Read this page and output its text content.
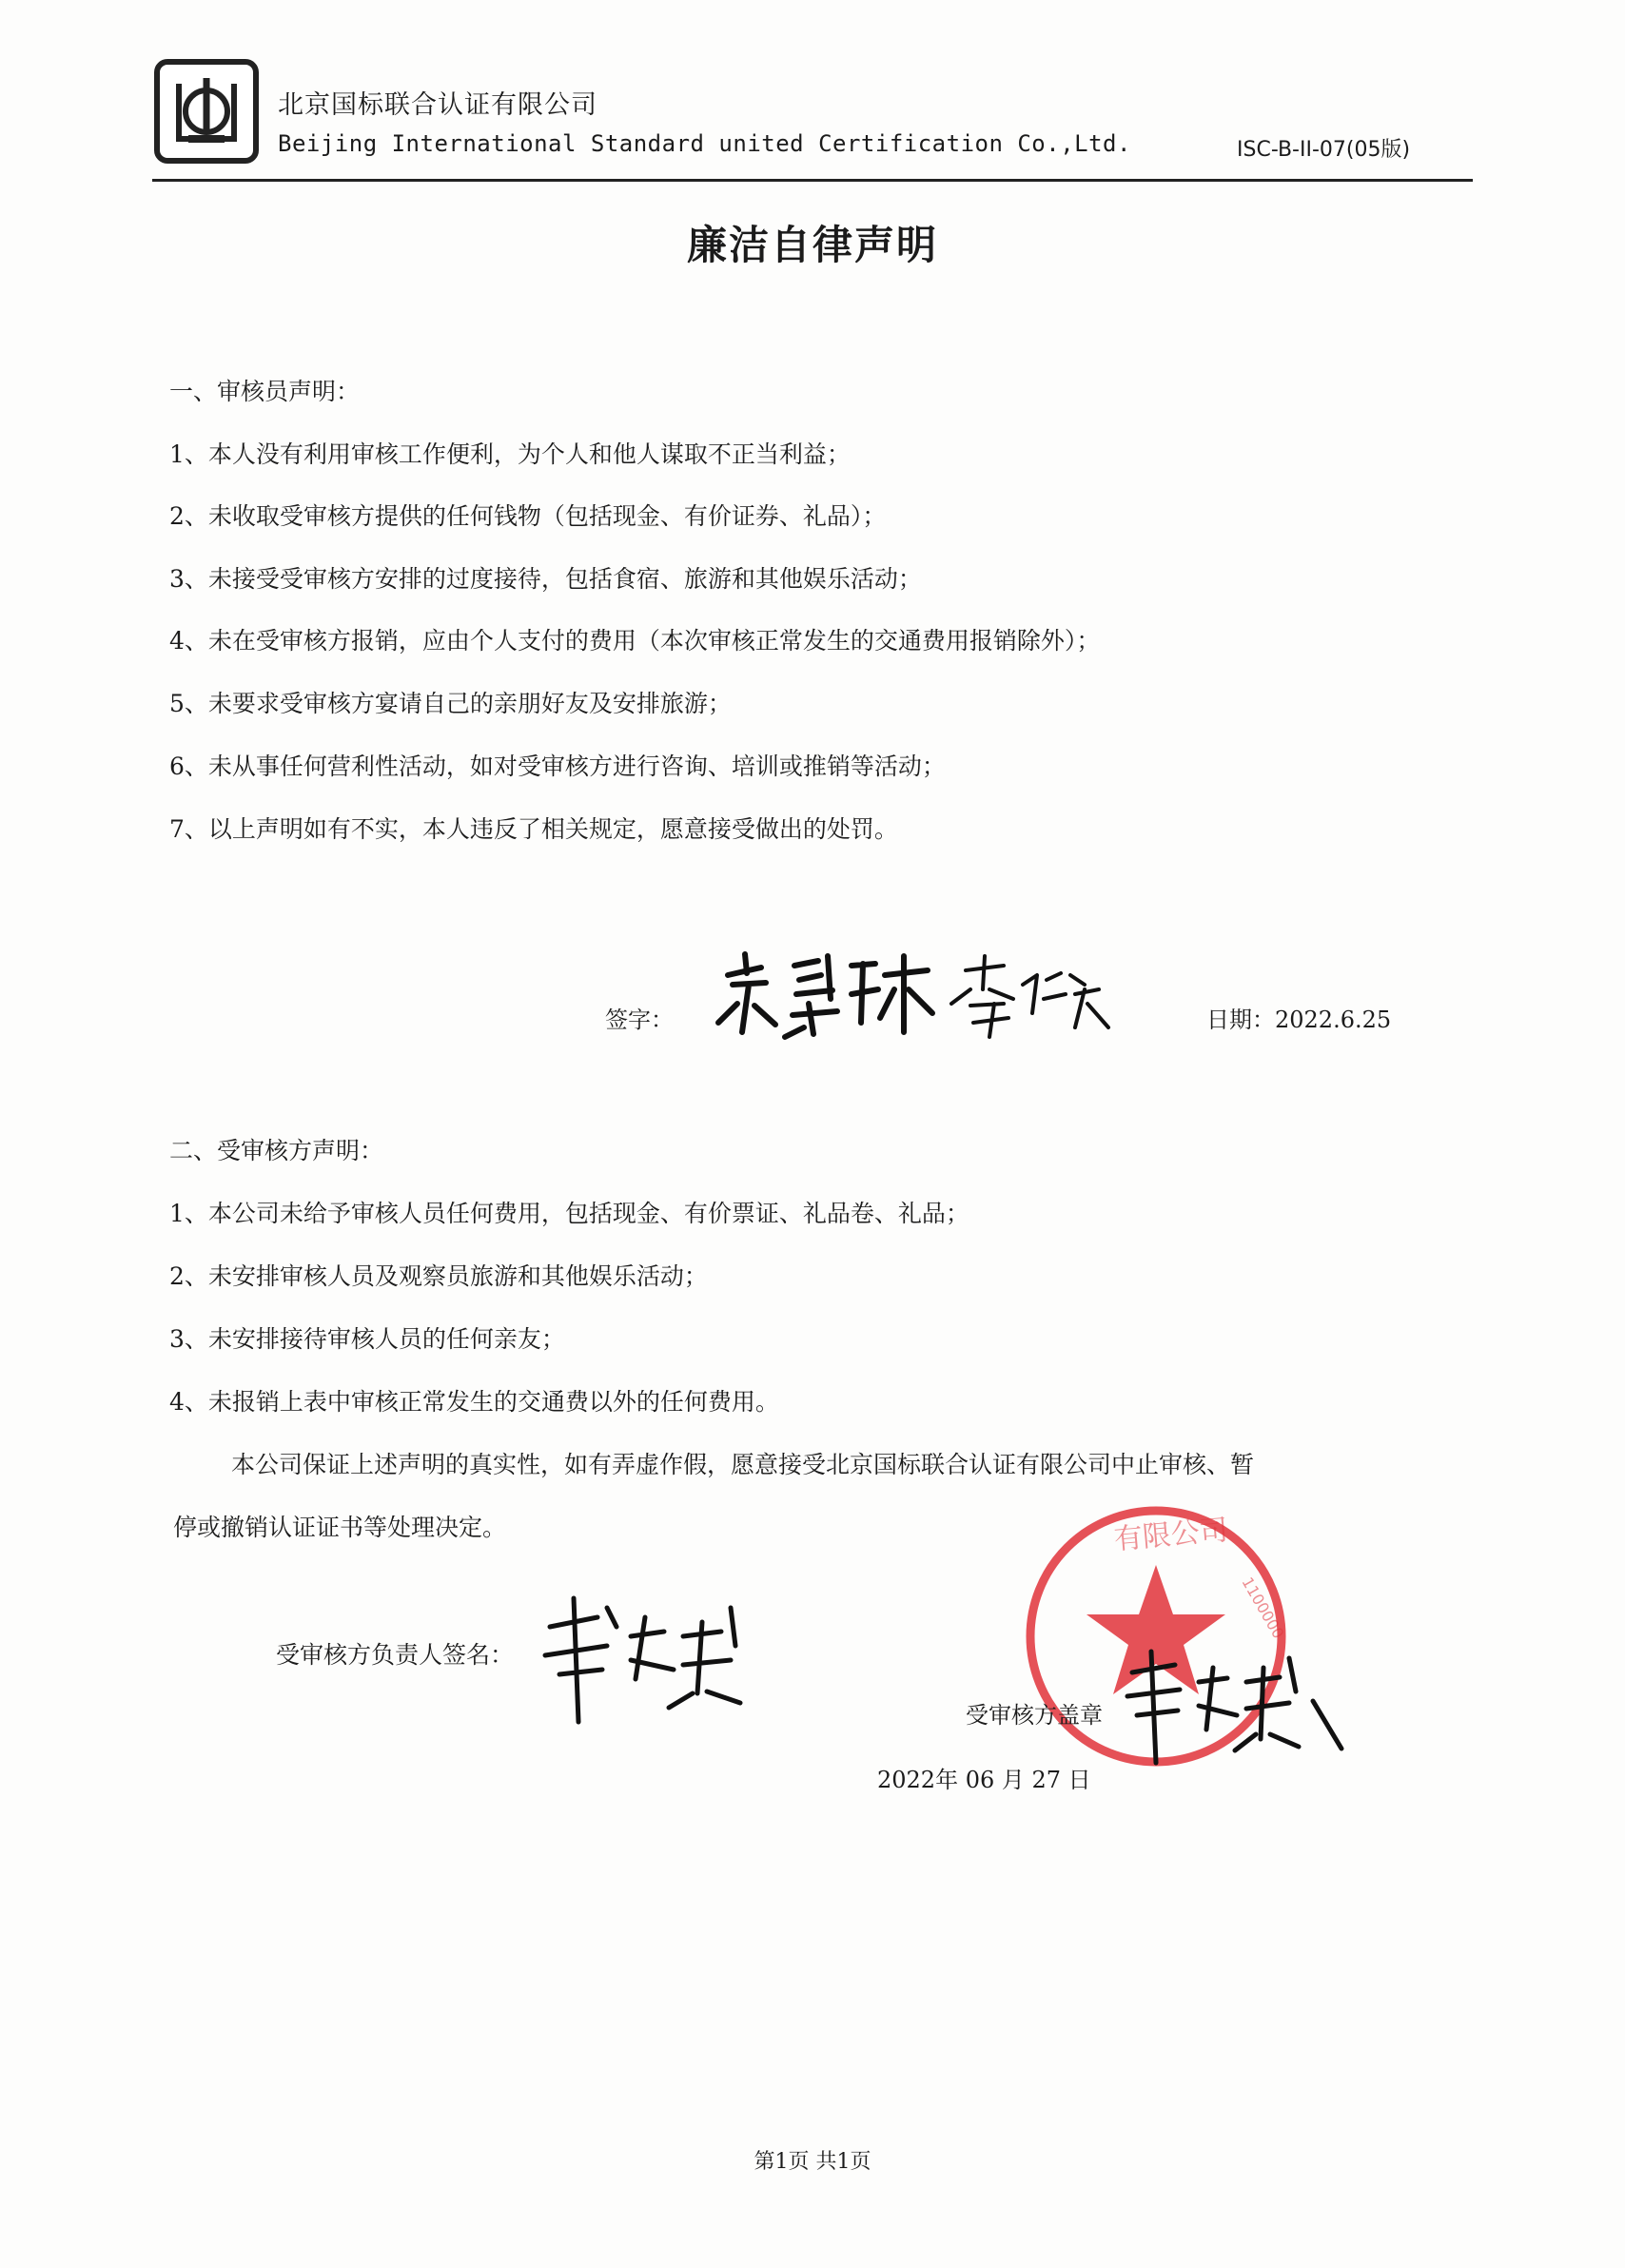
北京国标联合认证有限公司
Beijing International Standard united Certification Co.,Ltd.	ISC-B-II-07(05版)
廉洁自律声明
一、审核员声明：
1、本人没有利用审核工作便利，为个人和他人谋取不正当利益；
2、未收取受审核方提供的任何钱物（包括现金、有价证券、礼品）；
3、未接受受审核方安排的过度接待，包括食宿、旅游和其他娱乐活动；
4、未在受审核方报销，应由个人支付的费用（本次审核正常发生的交通费用报销除外）；
5、未要求受审核方宴请自己的亲朋好友及安排旅游；
6、未从事任何营利性活动，如对受审核方进行咨询、培训或推销等活动；
7、以上声明如有不实，本人违反了相关规定，愿意接受做出的处罚。
签字：	日期：2022.6.25
二、受审核方声明：
1、本公司未给予审核人员任何费用，包括现金、有价票证、礼品卷、礼品；
2、未安排审核人员及观察员旅游和其他娱乐活动；
3、未安排接待审核人员的任何亲友；
4、未报销上表中审核正常发生的交通费以外的任何费用。
本公司保证上述声明的真实性，如有弄虚作假，愿意接受北京国标联合认证有限公司中止审核、暂
停或撤销认证证书等处理决定。
受审核方负责人签名：
有限公司
1100000
受审核方盖章
2022年 06 月 27 日
第1页 共1页
